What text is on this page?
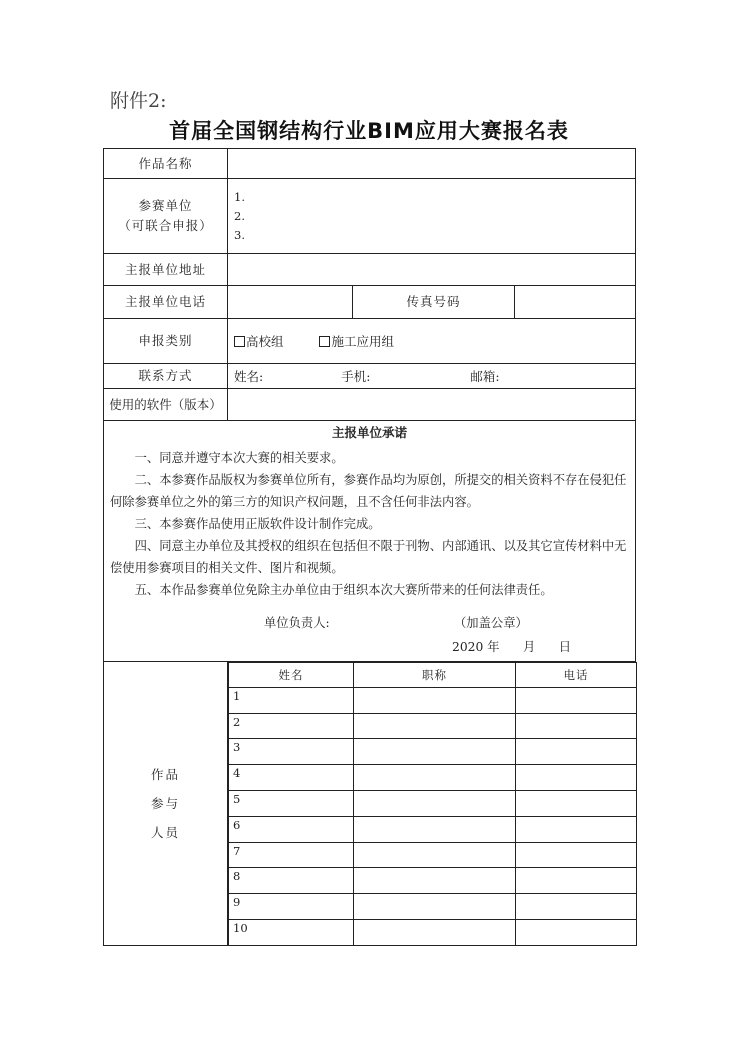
附件2:
首届全国钢结构行业BIM应用大赛报名表
作品名称	

参赛单位
（可联合申报）

1.
2.
3.

主报单位地址	
主报单位电话		传真号码	
申报类别	高校组	施工应用组
联系方式	姓名:	手机:	邮箱:
使用的软件（版本）	

主报单位承诺

一、同意并遵守本次大赛的相关要求。

二、本参赛作品版权为参赛单位所有，参赛作品均为原创，所提交的相关资料不存在侵犯任何除参赛单位之外的第三方的知识产权问题，且不含任何非法内容。

三、本参赛作品使用正版软件设计制作完成。

四、同意主办单位及其授权的组织在包括但不限于刊物、内部通讯、以及其它宣传材料中无偿使用参赛项目的相关文件、图片和视频。

五、本作品参赛单位免除主办单位由于组织本次大赛所带来的任何法律责任。

单位负责人:	（加盖公章）
2020 年      月      日

作品
参与
人员

姓名	职称	电话
1		
2		
3		
4		
5		
6		
7		
8		
9		
10		
